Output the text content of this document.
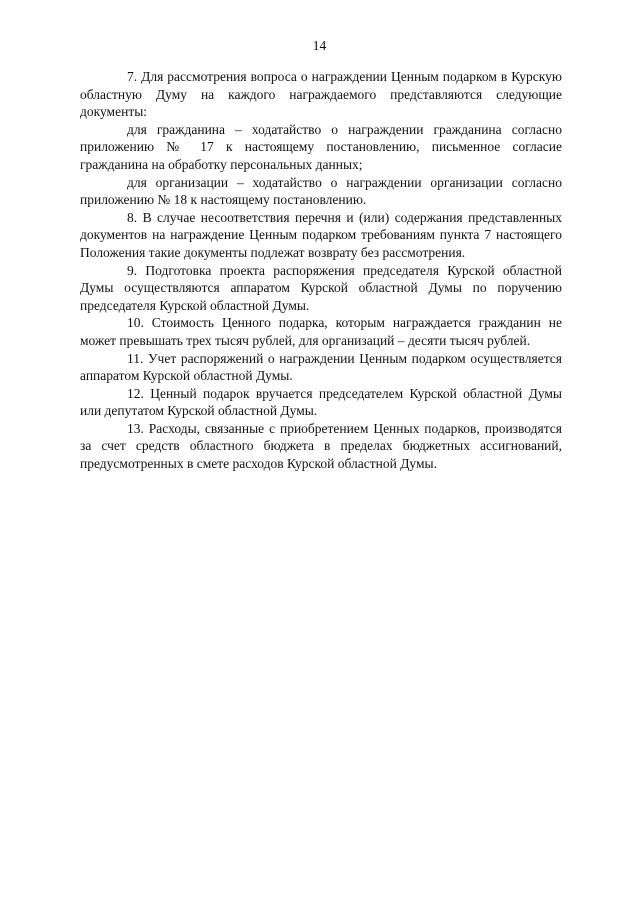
14

7. Для рассмотрения вопроса о награждении Ценным подарком в Курскую областную Думу на каждого награждаемого представляются следующие документы:

для гражданина – ходатайство о награждении гражданина согласно приложению № 17 к настоящему постановлению, письменное согласие гражданина на обработку персональных данных;

для организации – ходатайство о награждении организации согласно приложению № 18 к настоящему постановлению.

8. В случае несоответствия перечня и (или) содержания представленных документов на награждение Ценным подарком требованиям пункта 7 настоящего Положения такие документы подлежат возврату без рассмотрения.

9. Подготовка проекта распоряжения председателя Курской областной Думы осуществляются аппаратом Курской областной Думы по поручению председателя Курской областной Думы.

10. Стоимость Ценного подарка, которым награждается гражданин не может превышать трех тысяч рублей, для организаций – десяти тысяч рублей.

11. Учет распоряжений о награждении Ценным подарком осуществляется аппаратом Курской областной Думы.

12. Ценный подарок вручается председателем Курской областной Думы или депутатом Курской областной Думы.

13. Расходы, связанные с приобретением Ценных подарков, производятся за счет средств областного бюджета в пределах бюджетных ассигнований, предусмотренных в смете расходов Курской областной Думы.
